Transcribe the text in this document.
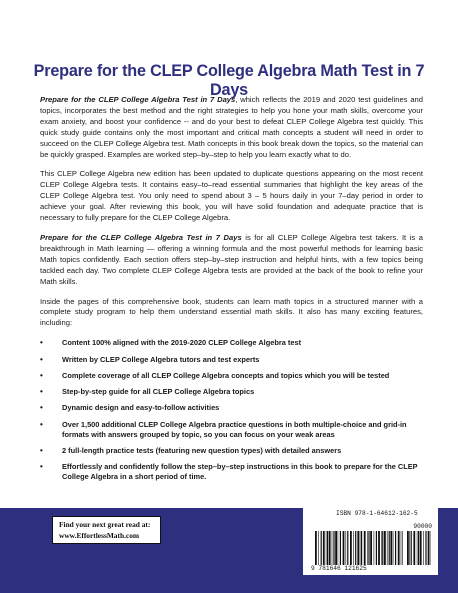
Prepare for the CLEP College Algebra Math Test in 7 Days

Prepare for the CLEP College Algebra Test in 7 Days, which reflects the 2019 and 2020 test guidelines and topics, incorporates the best method and the right strategies to help you hone your math skills, overcome your exam anxiety, and boost your confidence -- and do your best to defeat CLEP College Algebra test quickly. This quick study guide contains only the most important and critical math concepts a student will need in order to succeed on the CLEP College Algebra test. Math concepts in this book break down the topics, so the material can be quickly grasped. Examples are worked step–by–step to help you learn exactly what to do.

This CLEP College Algebra new edition has been updated to duplicate questions appearing on the most recent CLEP College Algebra tests. It contains easy–to–read essential summaries that highlight the key areas of the CLEP College Algebra test. You only need to spend about 3 – 5 hours daily in your 7–day period in order to achieve your goal. After reviewing this book, you will have solid foundation and adequate practice that is necessary to fully prepare for the CLEP College Algebra.

Prepare for the CLEP College Algebra Test in 7 Days is for all CLEP College Algebra test takers. It is a breakthrough in Math learning — offering a winning formula and the most powerful methods for learning basic Math topics confidently. Each section offers step–by–step instruction and helpful hints, with a few topics being tackled each day. Two complete CLEP College Algebra tests are provided at the back of the book to refine your Math skills.

Inside the pages of this comprehensive book, students can learn math topics in a structured manner with a complete study program to help them understand essential math skills. It also has many exciting features, including:

•	Content 100% aligned with the 2019-2020 CLEP College Algebra test
•	Written by CLEP College Algebra tutors and test experts
•	Complete coverage of all CLEP College Algebra concepts and topics which you will be tested
•	Step-by-step guide for all CLEP College Algebra topics
•	Dynamic design and easy-to-follow activities
•	Over 1,500 additional CLEP College Algebra practice questions in both multiple-choice and grid-in formats with answers grouped by topic, so you can focus on your weak areas
•	2 full-length practice tests (featuring new question types) with detailed answers
•	Effortlessly and confidently follow the step–by–step instructions in this book to prepare for the CLEP College Algebra in a short period of time.
Find your next great read at:
www.EffortlessMath.com
ISBN 978-1-64612-162-5
90000
9 781646 121625
